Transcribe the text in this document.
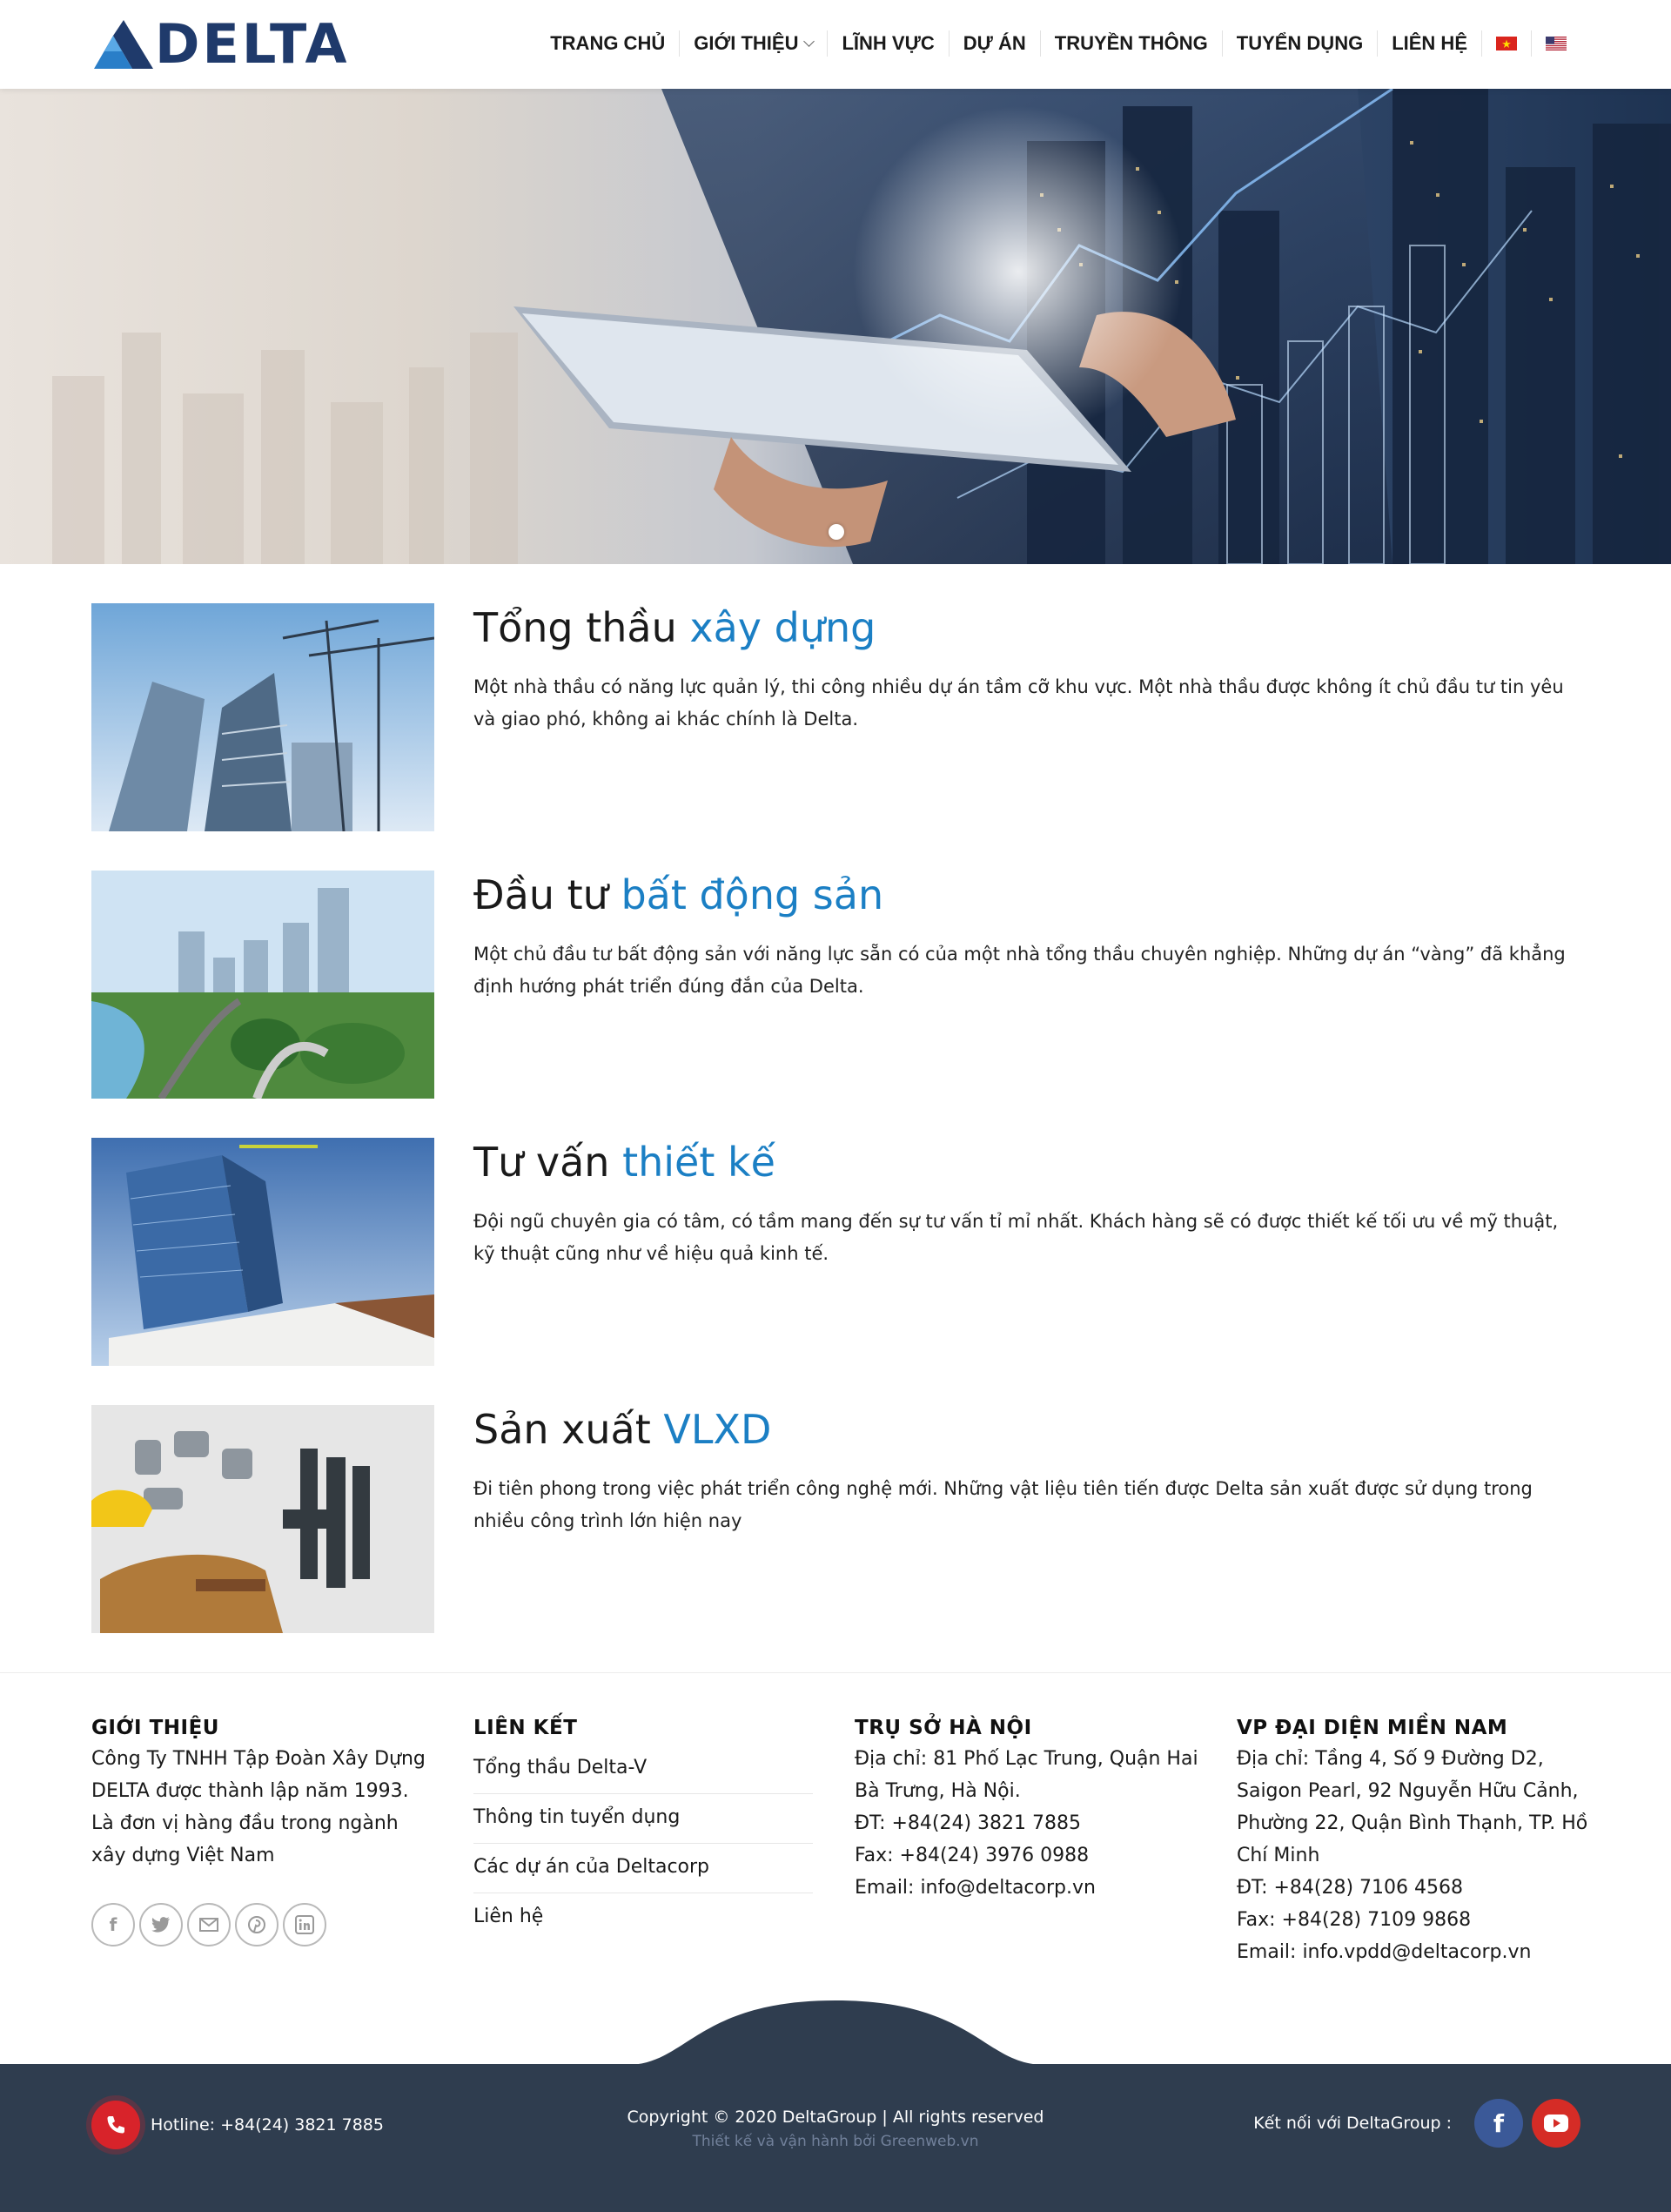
DELTA	TRANG CHỦ GIỚI THIỆU LĨNH VỰC DỰ ÁN TRUYỀN THÔNG TUYỂN DỤNG LIÊN HỆ
Tổng thầu xây dựng
Một nhà thầu có năng lực quản lý, thi công nhiều dự án tầm cỡ khu vực. Một nhà thầu được không ít chủ đầu tư tin yêu và giao phó, không ai khác chính là Delta.
Đầu tư bất động sản
Một chủ đầu tư bất động sản với năng lực sẵn có của một nhà tổng thầu chuyên nghiệp. Những dự án “vàng” đã khẳng định hướng phát triển đúng đắn của Delta.
Tư vấn thiết kế
Đội ngũ chuyên gia có tâm, có tầm mang đến sự tư vấn tỉ mỉ nhất. Khách hàng sẽ có được thiết kế tối ưu về mỹ thuật, kỹ thuật cũng như về hiệu quả kinh tế.
Sản xuất VLXD
Đi tiên phong trong việc phát triển công nghệ mới. Những vật liệu tiên tiến được Delta sản xuất được sử dụng trong nhiều công trình lớn hiện nay
GIỚI THIỆU
Công Ty TNHH Tập Đoàn Xây Dựng DELTA được thành lập năm 1993. Là đơn vị hàng đầu trong ngành xây dựng Việt Nam
f
LIÊN KẾT
Tổng thầu Delta-V
Thông tin tuyển dụng
Các dự án của Deltacorp
Liên hệ
TRỤ SỞ HÀ NỘI
Địa chỉ: 81 Phố Lạc Trung, Quận Hai
Bà Trưng, Hà Nội.
ĐT: +84(24) 3821 7885
Fax: +84(24) 3976 0988
Email: info@deltacorp.vn
VP ĐẠI DIỆN MIỀN NAM
Địa chỉ: Tầng 4, Số 9 Đường D2,
Saigon Pearl, 92 Nguyễn Hữu Cảnh,
Phường 22, Quận Bình Thạnh, TP. Hồ
Chí Minh
ĐT: +84(28) 7106 4568
Fax: +84(28) 7109 9868
Email: info.vpdd@deltacorp.vn
Hotline: +84(24) 3821 7885	Copyright © 2020 DeltaGroup | All rights reserved
Thiết kế và vận hành bởi Greenweb.vn
Kết nối với DeltaGroup :	f
